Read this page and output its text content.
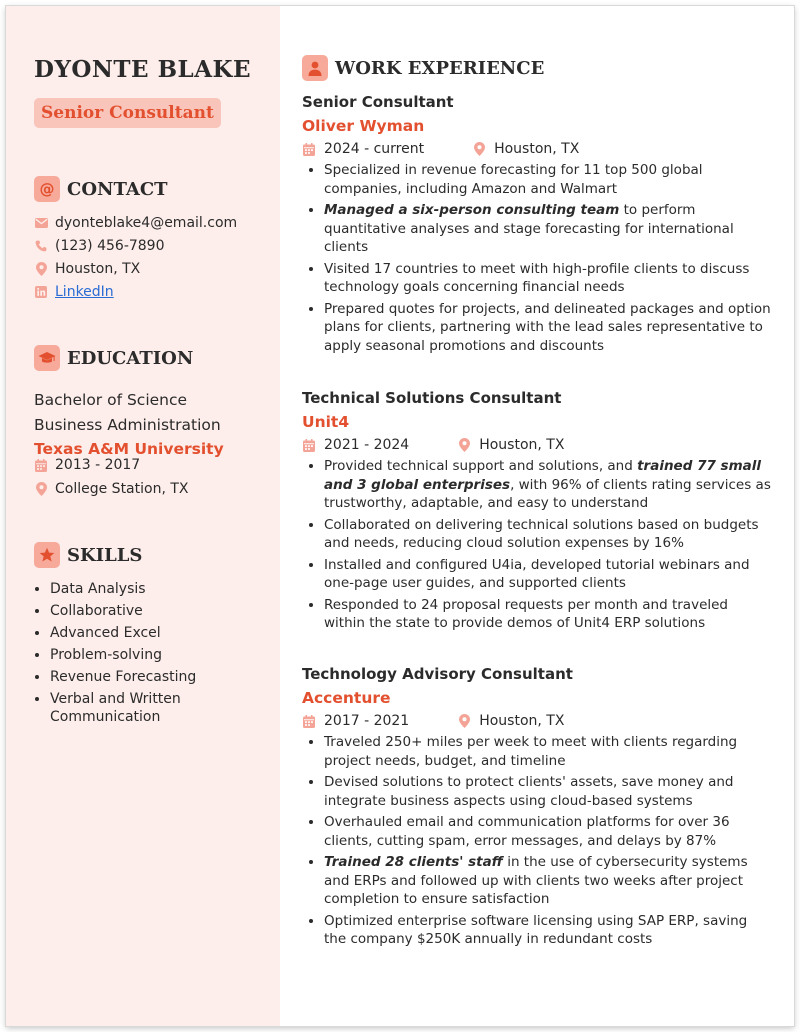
DYONTE BLAKE
Senior Consultant
@ CONTACT
dyonteblake4@email.com
(123) 456-7890
Houston, TX
LinkedIn
EDUCATION
Bachelor of Science
Business Administration
Texas A&M University
2013 - 2017
College Station, TX
SKILLS
• Data Analysis
• Collaborative
• Advanced Excel
• Problem-solving
• Revenue Forecasting
• Verbal and Written Communication
WORK EXPERIENCE
Senior Consultant
Oliver Wyman
2024 - current	Houston, TX
• Specialized in revenue forecasting for 11 top 500 global companies, including Amazon and Walmart
• Managed a six-person consulting team to perform quantitative analyses and stage forecasting for international clients
• Visited 17 countries to meet with high-profile clients to discuss technology goals concerning financial needs
• Prepared quotes for projects, and delineated packages and option plans for clients, partnering with the lead sales representative to apply seasonal promotions and discounts
Technical Solutions Consultant
Unit4
2021 - 2024	Houston, TX
• Provided technical support and solutions, and trained 77 small and 3 global enterprises, with 96% of clients rating services as trustworthy, adaptable, and easy to understand
• Collaborated on delivering technical solutions based on budgets and needs, reducing cloud solution expenses by 16%
• Installed and configured U4ia, developed tutorial webinars and one-page user guides, and supported clients
• Responded to 24 proposal requests per month and traveled within the state to provide demos of Unit4 ERP solutions
Technology Advisory Consultant
Accenture
2017 - 2021	Houston, TX
• Traveled 250+ miles per week to meet with clients regarding project needs, budget, and timeline
• Devised solutions to protect clients' assets, save money and integrate business aspects using cloud-based systems
• Overhauled email and communication platforms for over 36 clients, cutting spam, error messages, and delays by 87%
• Trained 28 clients' staff in the use of cybersecurity systems and ERPs and followed up with clients two weeks after project completion to ensure satisfaction
• Optimized enterprise software licensing using SAP ERP, saving the company $250K annually in redundant costs
